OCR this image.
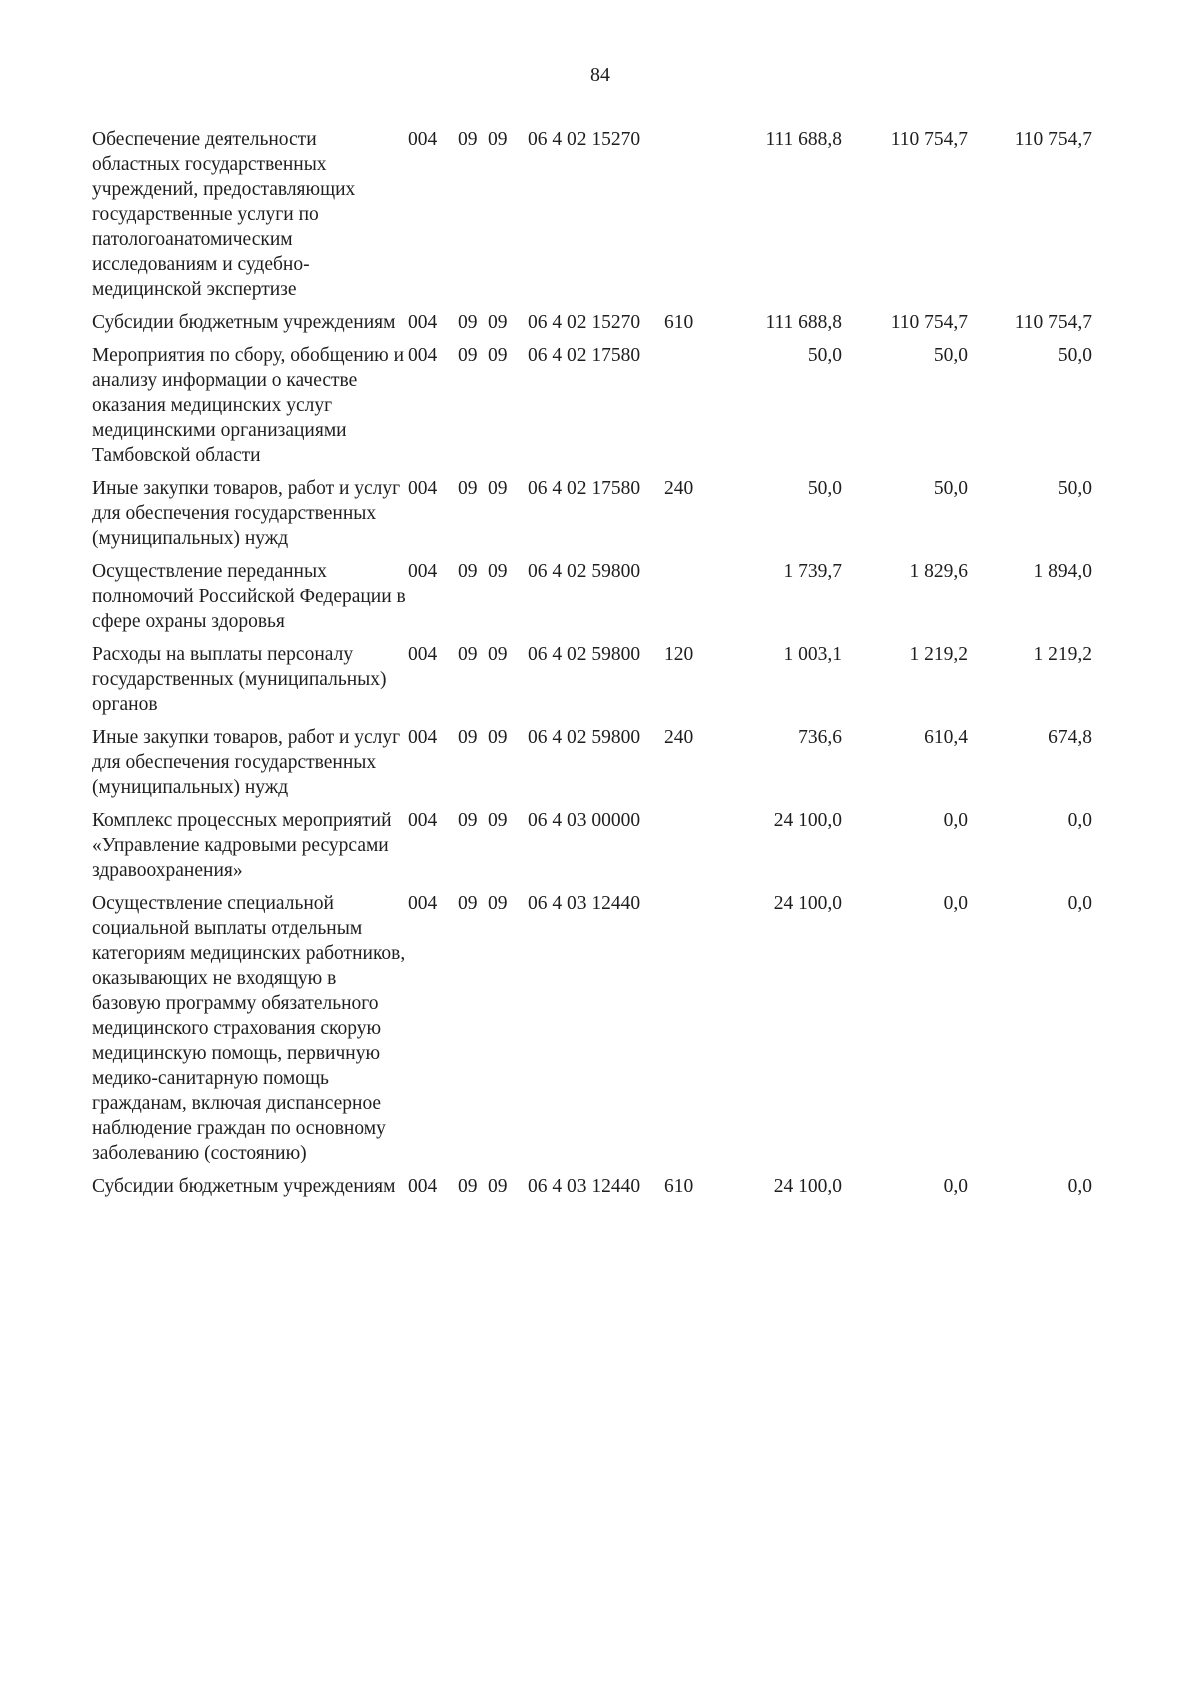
84
Обеспечение деятельности областных государственных учреждений, предоставляющих государственные услуги по патологоанатомическим исследованиям и судебно-медицинской экспертизе	004	09	09	06 4 02 15270		111 688,8	110 754,7	110 754,7
Субсидии бюджетным учреждениям	004	09	09	06 4 02 15270	610	111 688,8	110 754,7	110 754,7
Мероприятия по сбору, обобщению и анализу информации о качестве оказания медицинских услуг медицинскими организациями Тамбовской области	004	09	09	06 4 02 17580		50,0	50,0	50,0
Иные закупки товаров, работ и услуг для обеспечения государственных (муниципальных) нужд	004	09	09	06 4 02 17580	240	50,0	50,0	50,0
Осуществление переданных полномочий Российской Федерации в сфере охраны здоровья	004	09	09	06 4 02 59800		1 739,7	1 829,6	1 894,0
Расходы на выплаты персоналу государственных (муниципальных) органов	004	09	09	06 4 02 59800	120	1 003,1	1 219,2	1 219,2
Иные закупки товаров, работ и услуг для обеспечения государственных (муниципальных) нужд	004	09	09	06 4 02 59800	240	736,6	610,4	674,8
Комплекс процессных мероприятий «Управление кадровыми ресурсами здравоохранения»	004	09	09	06 4 03 00000		24 100,0	0,0	0,0
Осуществление специальной социальной выплаты отдельным категориям медицинских работников, оказывающих не входящую в базовую программу обязательного медицинского страхования скорую медицинскую помощь, первичную медико-санитарную помощь гражданам, включая диспансерное наблюдение граждан по основному заболеванию (состоянию)	004	09	09	06 4 03 12440		24 100,0	0,0	0,0
Субсидии бюджетным учреждениям	004	09	09	06 4 03 12440	610	24 100,0	0,0	0,0
